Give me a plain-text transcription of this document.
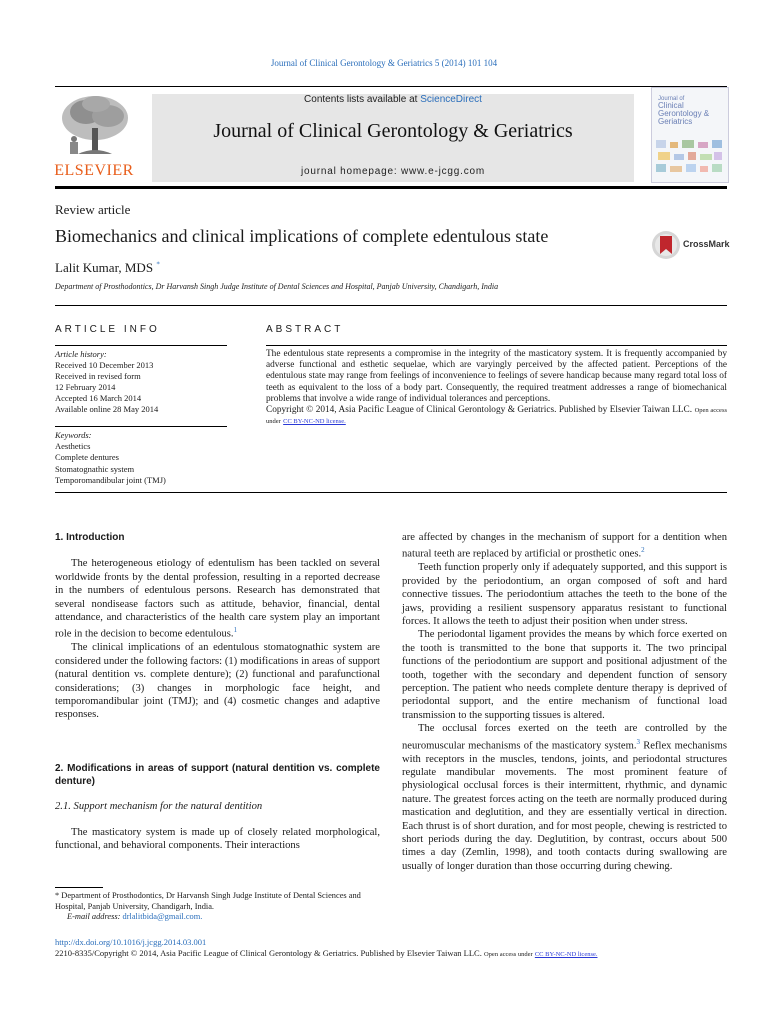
Journal of Clinical Gerontology & Geriatrics 5 (2014) 101 104
ELSEVIER
Contents lists available at ScienceDirect
Journal of Clinical Gerontology & Geriatrics
journal homepage: www.e-jcgg.com
Journal of
Clinical Gerontology & Geriatrics
Review article
Biomechanics and clinical implications of complete edentulous state
Lalit Kumar, MDS *
Department of Prosthodontics, Dr Harvansh Singh Judge Institute of Dental Sciences and Hospital, Panjab University, Chandigarh, India
CrossMark
ARTICLE INFO	ABSTRACT
Article history:
Received 10 December 2013
Received in revised form
12 February 2014
Accepted 16 March 2014
Available online 28 May 2014
Keywords:
Aesthetics
Complete dentures
Stomatognathic system
Temporomandibular joint (TMJ)
The edentulous state represents a compromise in the integrity of the masticatory system. It is frequently accompanied by adverse functional and esthetic sequelae, which are varyingly perceived by the affected patient. Perceptions of the edentulous state may range from feelings of inconvenience to feelings of severe handicap because many regard total loss of teeth as equivalent to the loss of a body part. Consequently, the required treatment addresses a range of biomechanical problems that involve a wide range of individual tolerances and perceptions.
Copyright © 2014, Asia Pacific League of Clinical Gerontology & Geriatrics. Published by Elsevier Taiwan LLC. Open access under CC BY-NC-ND license.
1. Introduction

The heterogeneous etiology of edentulism has been tackled on several worldwide fronts by the dental profession, resulting in a reported decrease in the numbers of edentulous persons. Research has demonstrated that several nondisease factors such as attitude, behavior, financial, dental attendance, and characteristics of the health care system play an important role in the decision to become edentulous.$^1$

The clinical implications of an edentulous stomatognathic system are considered under the following factors: (1) modifications in areas of support (natural dentition vs. complete denture); (2) functional and parafunctional considerations; (3) changes in morphologic face height, and temporomandibular joint (TMJ); and (4) cosmetic changes and adaptive responses.

2. Modifications in areas of support (natural dentition vs. complete denture)
2.1. Support mechanism for the natural dentition

The masticatory system is made up of closely related morphological, functional, and behavioral components. Their interactions

are affected by changes in the mechanism of support for a dentition when natural teeth are replaced by artificial or prosthetic ones.$^2$

Teeth function properly only if adequately supported, and this support is provided by the periodontium, an organ composed of soft and hard connective tissues. The periodontium attaches the teeth to the bone of the jaws, providing a resilient suspensory apparatus resistant to functional forces. It allows the teeth to adjust their position when under stress.

The periodontal ligament provides the means by which force exerted on the tooth is transmitted to the bone that supports it. The two principal functions of the periodontium are support and positional adjustment of the tooth, together with the secondary and dependent function of sensory perception. The patient who needs complete denture therapy is deprived of periodontal support, and the entire mechanism of functional load transmission to the supporting tissues is altered.

The occlusal forces exerted on the teeth are controlled by the neuromuscular mechanisms of the masticatory system.$^3$ Reflex mechanisms with receptors in the muscles, tendons, joints, and periodontal structures regulate mandibular movements. The most prominent feature of physiological occlusal forces is their intermittent, rhythmic, and dynamic nature. The greatest forces acting on the teeth are normally produced during mastication and deglutition, and they are essentially vertical in direction. Each thrust is of short duration, and for most people, chewing is restricted to short periods during the day. Deglutition, by contrast, occurs about 500 times a day (Zemlin, 1998), and tooth contacts during swallowing are usually of longer duration than those occurring during chewing.

* Department of Prosthodontics, Dr Harvansh Singh Judge Institute of Dental Sciences and Hospital, Panjab University, Chandigarh, India.
E-mail address: drlalitbida@gmail.com.
http://dx.doi.org/10.1016/j.jcgg.2014.03.001
2210-8335/Copyright © 2014, Asia Pacific League of Clinical Gerontology & Geriatrics. Published by Elsevier Taiwan LLC. Open access under CC BY-NC-ND license.
